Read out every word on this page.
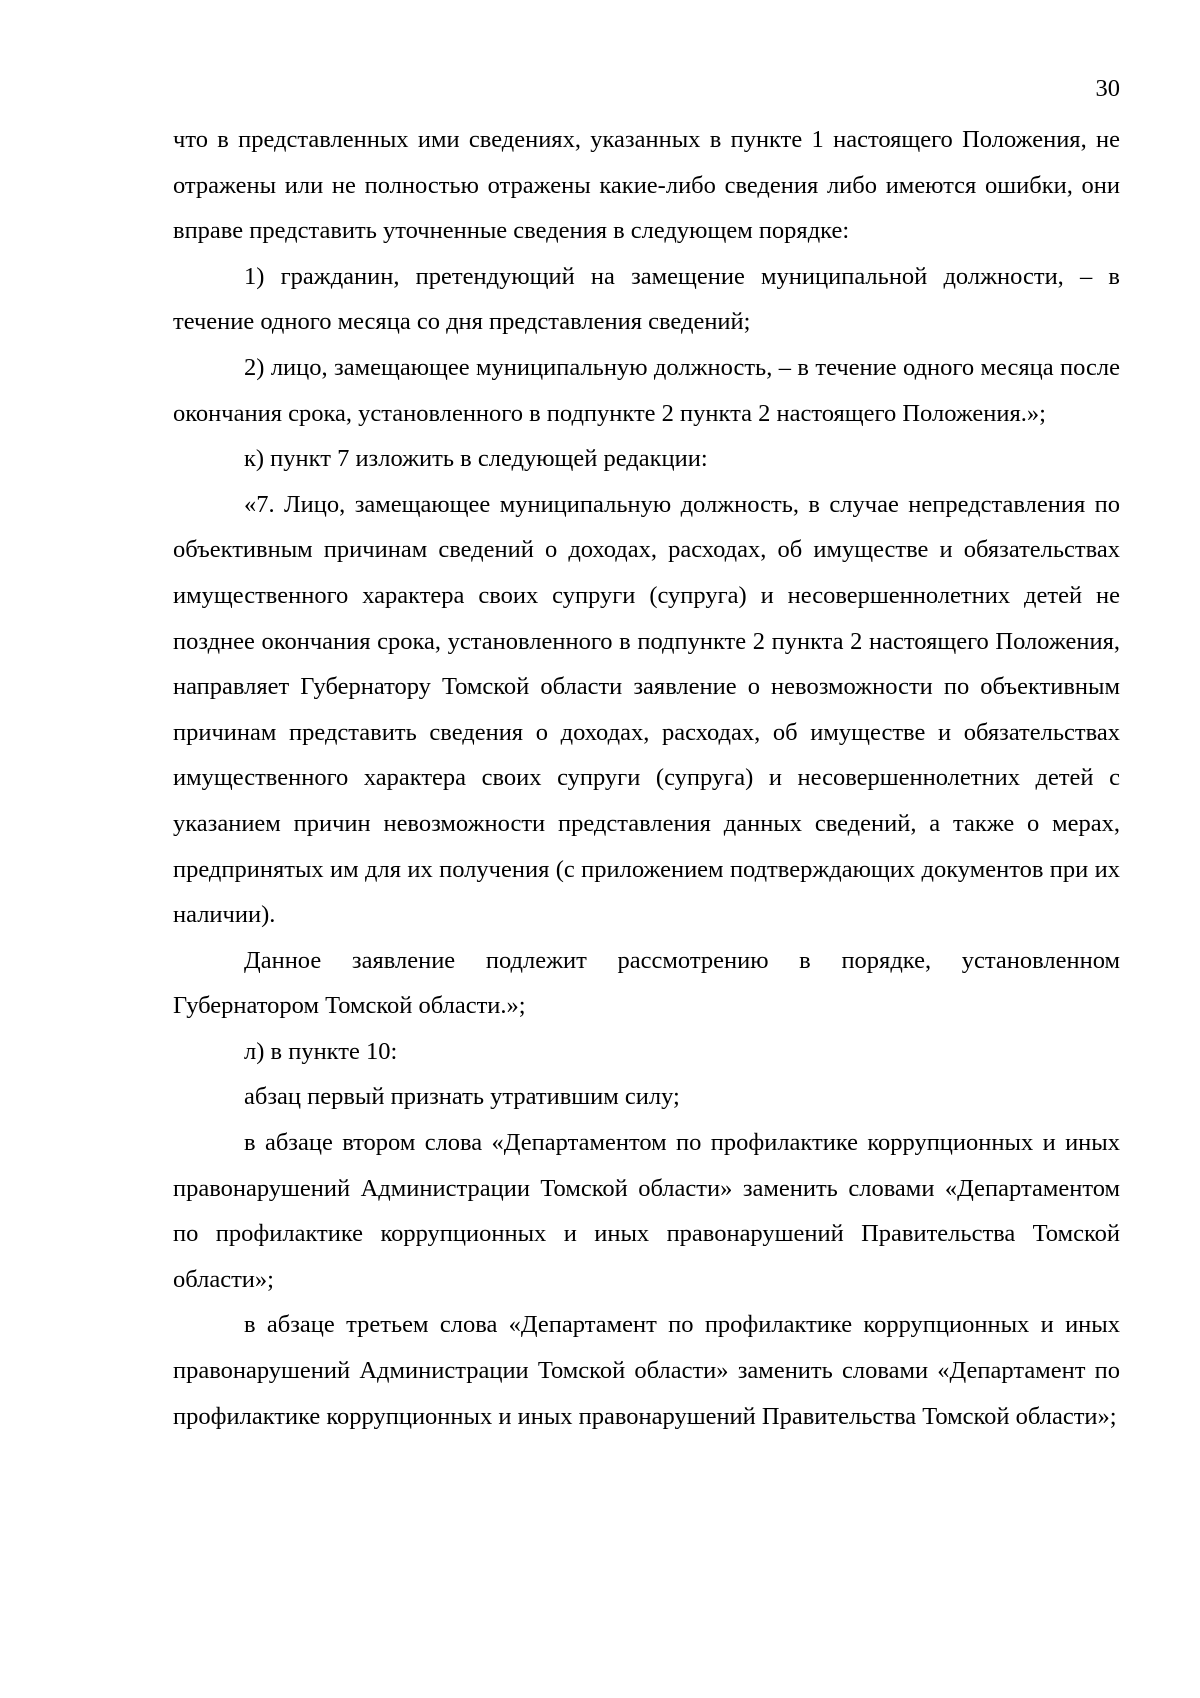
30

что в представленных ими сведениях, указанных в пункте 1 настоящего Положения, не отражены или не полностью отражены какие-либо сведения либо имеются ошибки, они вправе представить уточненные сведения в следующем порядке:

1) гражданин, претендующий на замещение муниципальной должности, – в течение одного месяца со дня представления сведений;

2) лицо, замещающее муниципальную должность, – в течение одного месяца после окончания срока, установленного в подпункте 2 пункта 2 настоящего Положения.»;

к) пункт 7 изложить в следующей редакции:

«7. Лицо, замещающее муниципальную должность, в случае непредставления по объективным причинам сведений о доходах, расходах, об имуществе и обязательствах имущественного характера своих супруги (супруга) и несовершеннолетних детей не позднее окончания срока, установленного в подпункте 2 пункта 2 настоящего Положения, направляет Губернатору Томской области заявление о невозможности по объективным причинам представить сведения о доходах, расходах, об имуществе и обязательствах имущественного характера своих супруги (супруга) и несовершеннолетних детей с указанием причин невозможности представления данных сведений, а также о мерах, предпринятых им для их получения (с приложением подтверждающих документов при их наличии).

Данное заявление подлежит рассмотрению в порядке, установленном Губернатором Томской области.»;

л) в пункте 10:

абзац первый признать утратившим силу;

в абзаце втором слова «Департаментом по профилактике коррупционных и иных правонарушений Администрации Томской области» заменить словами «Департаментом по профилактике коррупционных и иных правонарушений Правительства Томской области»;

в абзаце третьем слова «Департамент по профилактике коррупционных и иных правонарушений Администрации Томской области» заменить словами «Департамент по профилактике коррупционных и иных правонарушений Правительства Томской области»;
